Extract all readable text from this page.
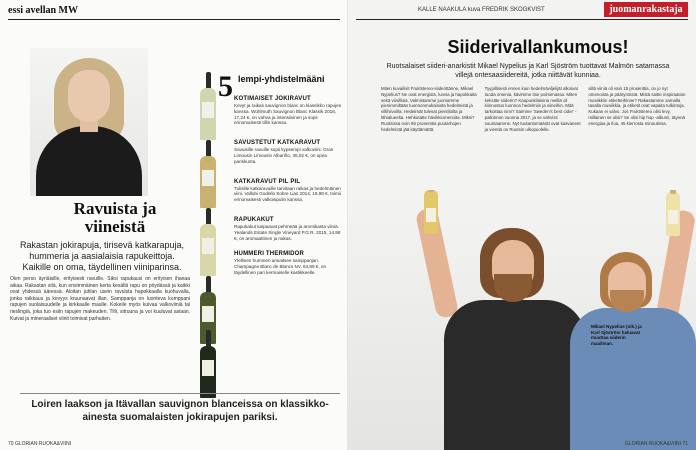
essi avellan MW
Ravuista ja viineistä
Rakastan jokirapuja, tirisevä katkarapuja, hummeria ja aasialaisia rapukeittoja. Kaikille on oma, täydellinen viiniparinsa.
Olen perso äyriäisille, erityisesti ravuille. Siksi rapukausi on erityisen ihanaa aikaa. Rakastan sitä, kun ensimmäinen kerta kesällä rapu on pöydässä ja kaikki ovat yhdessä ääressä. Aloitan juhlan usein ravuista hapokkaalla kuohuvalla, jonka raikkaus ja kevyys kruunaavat illan. Samppanja on luonteva kumppani rapujen suolaisuudelle ja kirkkaalle maulle. Kokeile myös kuivaa valkoviiniä tai rieslingiä, joka tuo esiin rapujen makeuden. Tilli, sitruuna ja voi kuuluvat asiaan. Kuivat ja mineraaliset viinit toimivat parhaiten.
5 lempi-yhdistelmääni
KOTIMAISET JOKIRAVUT

Kevyt ja raikas sauvignon blanc on klassikko rapujen kanssa. Wohlmuth Sauvignon Blanc Klassik 2016, 17,24 €, on vahva ja intensiivinen ja sopii erinomaisesti tillin kanssa.

SAVUSTETUT KATKARAVUT

Savuisille ravuille sopii kypsempi valkoviini. Gran Limousin Limousin Albariño, 35,02 €, on upea pariskunta.

KATKARAVUT PIL PIL

Tulisille katkaravuille tarvitaan raikas ja hedelmäinen viini. Vallobi Godello Sobre Lias 2014, 19,99 €, toimii erinomaisesti valkosipulin kanssa.

RAPUKAKUT

Rapukakut kaipaavat pehmeää ja aromikasta viiniä. Yealands Estate Single Vineyard P.G.R. 2015, 14,98 €, on aromaattinen ja raikas.

HUMMERI THERMIDOR

Ylellinen hummeri ansaitsee samppanjan. Champagne Blanc de Blancs NV, 64,89 €, on täydellinen pari kermaiselle kastikkeelle.

Loiren laakson ja Itävallan sauvignon blanceissa on klassikko-ainesta suomalaisten jokirapujen pariksi.
70 GLORIAN RUOKA&VIINI
KALLE NAAKULA kuva FREDRIK SKOGKVIST	juomanrakastaja
Siiderivallankumous!
Ruotsalaiset siideri-anarkistit Mikael Nypelius ja Karl Sjöström tuottavat Malmön satamassa villejä ontesaasiidereitä, jotka niittävät kunniaa.
Miten kuvailisit Fruktstereo-siiderittänne, Mikael Nypelius? Ne ovat energisiä, luovia ja hapokkaita sekä viinillisiä. Valmistamme juomamme pienimmiltään luonnonmukaisista hedelmistä ja villihiivoilla. Hedelmät tulevat pientiloilta ja lähialueelta. Hehkutatte hävikkiomenoita. Miksi? Ruotsissa noin 95 prosenttia puutarhojen hedelmistä jää käyttämättä.
Tyypillisesti ennen kuin hedelmäviljelijät alkoivat tuoda omenia, kävimme itse poimimassa. Miten keksitte siiderin? Kaupunkilaisina meillä oli kiinnostus luonnon hedelmiin ja viineihin. Mitä tarkoittaa nimi? Saimme 'Sweden's best cider' -palkinnon vuonna 2017, ja se vahvisti suuntaamme. Nyt tuotantomäärät ovat kasvaneet ja vientiä on Ruotsin ulkopuolelle.
sillä viiniä oli vain 15 prosenttia, on jo nyt omenoista ja päärynöistä. Mistä saitte inspiraation musiikkiin etiketteihinne? Rakastamme samalla tavalla musiikkia, ja etiketit ovat vapaita tulkintoja. Kukaan ei valvo. Jos Fruktstereo olisi levy, millainen se olisi? Se olisi hip hop -albumi, täynnä energiaa ja iloa, 45 kierrosta minuutissa.
Mikael Nypelius (oik.) ja Karl Sjöström haluavat muuttaa siiderin maailman.
GLORIAN RUOKA&VIINI 71
